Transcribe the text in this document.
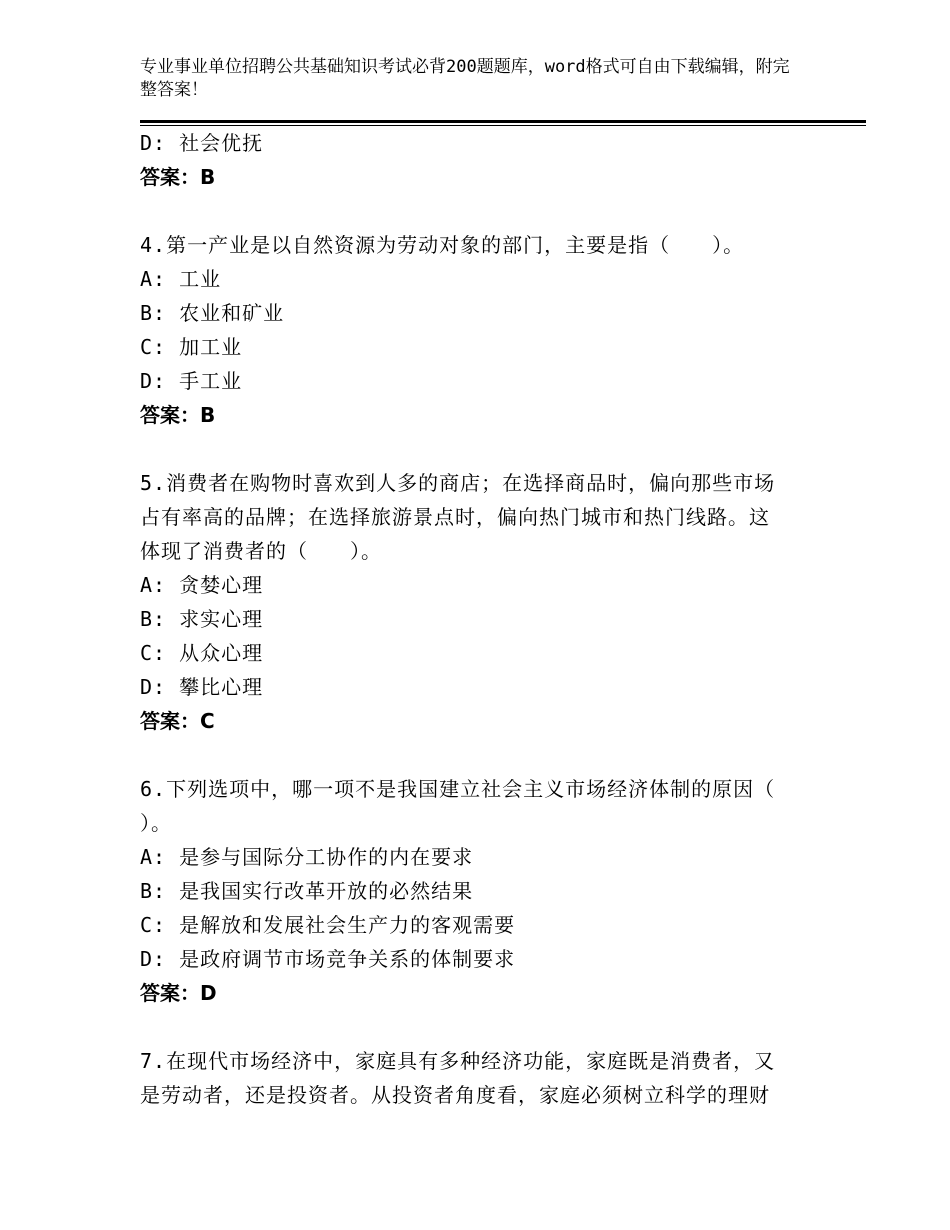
专业事业单位招聘公共基础知识考试必背200题题库，word格式可自由下载编辑，附完整答案！
D: 社会优抚
答案：B
4.第一产业是以自然资源为劳动对象的部门，主要是指（　　）。
A: 工业
B: 农业和矿业
C: 加工业
D: 手工业
答案：B
5.消费者在购物时喜欢到人多的商店；在选择商品时，偏向那些市场
占有率高的品牌；在选择旅游景点时，偏向热门城市和热门线路。这
体现了消费者的（　　）。
A: 贪婪心理
B: 求实心理
C: 从众心理
D: 攀比心理
答案：C
6.下列选项中，哪一项不是我国建立社会主义市场经济体制的原因（
）。
A: 是参与国际分工协作的内在要求
B: 是我国实行改革开放的必然结果
C: 是解放和发展社会生产力的客观需要
D: 是政府调节市场竞争关系的体制要求
答案：D
7.在现代市场经济中，家庭具有多种经济功能，家庭既是消费者，又
是劳动者，还是投资者。从投资者角度看，家庭必须树立科学的理财
